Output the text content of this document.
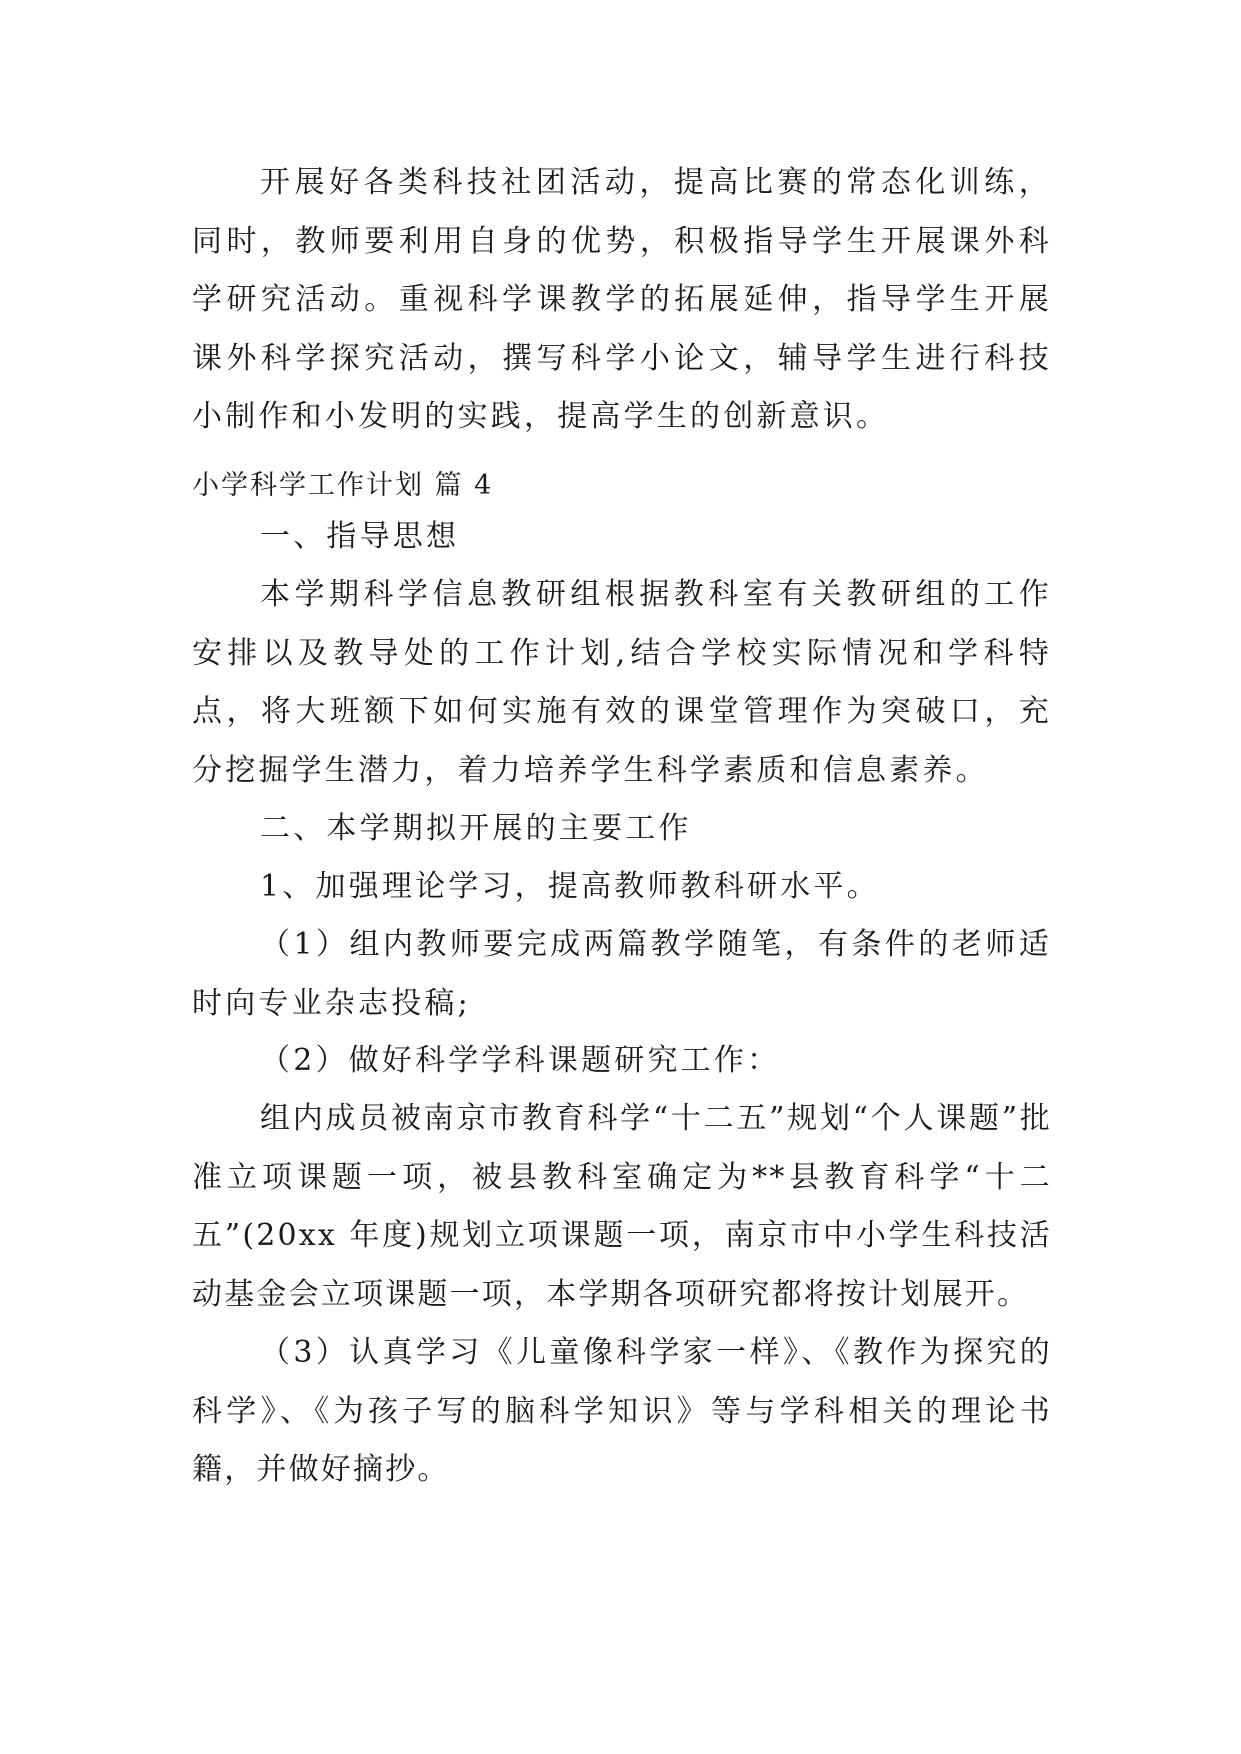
开展好各类科技社团活动，提高比赛的常态化训练，同时，教师要利用自身的优势，积极指导学生开展课外科学研究活动。重视科学课教学的拓展延伸，指导学生开展课外科学探究活动，撰写科学小论文，辅导学生进行科技小制作和小发明的实践，提高学生的创新意识。

小学科学工作计划 篇 4

一、指导思想

本学期科学信息教研组根据教科室有关教研组的工作安排以及教导处的工作计划,结合学校实际情况和学科特点，将大班额下如何实施有效的课堂管理作为突破口，充分挖掘学生潜力，着力培养学生科学素质和信息素养。

二、本学期拟开展的主要工作

1、加强理论学习，提高教师教科研水平。

（1）组内教师要完成两篇教学随笔，有条件的老师适时向专业杂志投稿;

（2）做好科学学科课题研究工作：

组内成员被南京市教育科学“十二五”规划“个人课题”批准立项课题一项，被县教科室确定为**县教育科学“十二五”(20xx 年度)规划立项课题一项，南京市中小学生科技活动基金会立项课题一项，本学期各项研究都将按计划展开。

（3）认真学习《儿童像科学家一样》、《教作为探究的科学》、《为孩子写的脑科学知识》等与学科相关的理论书籍，并做好摘抄。
